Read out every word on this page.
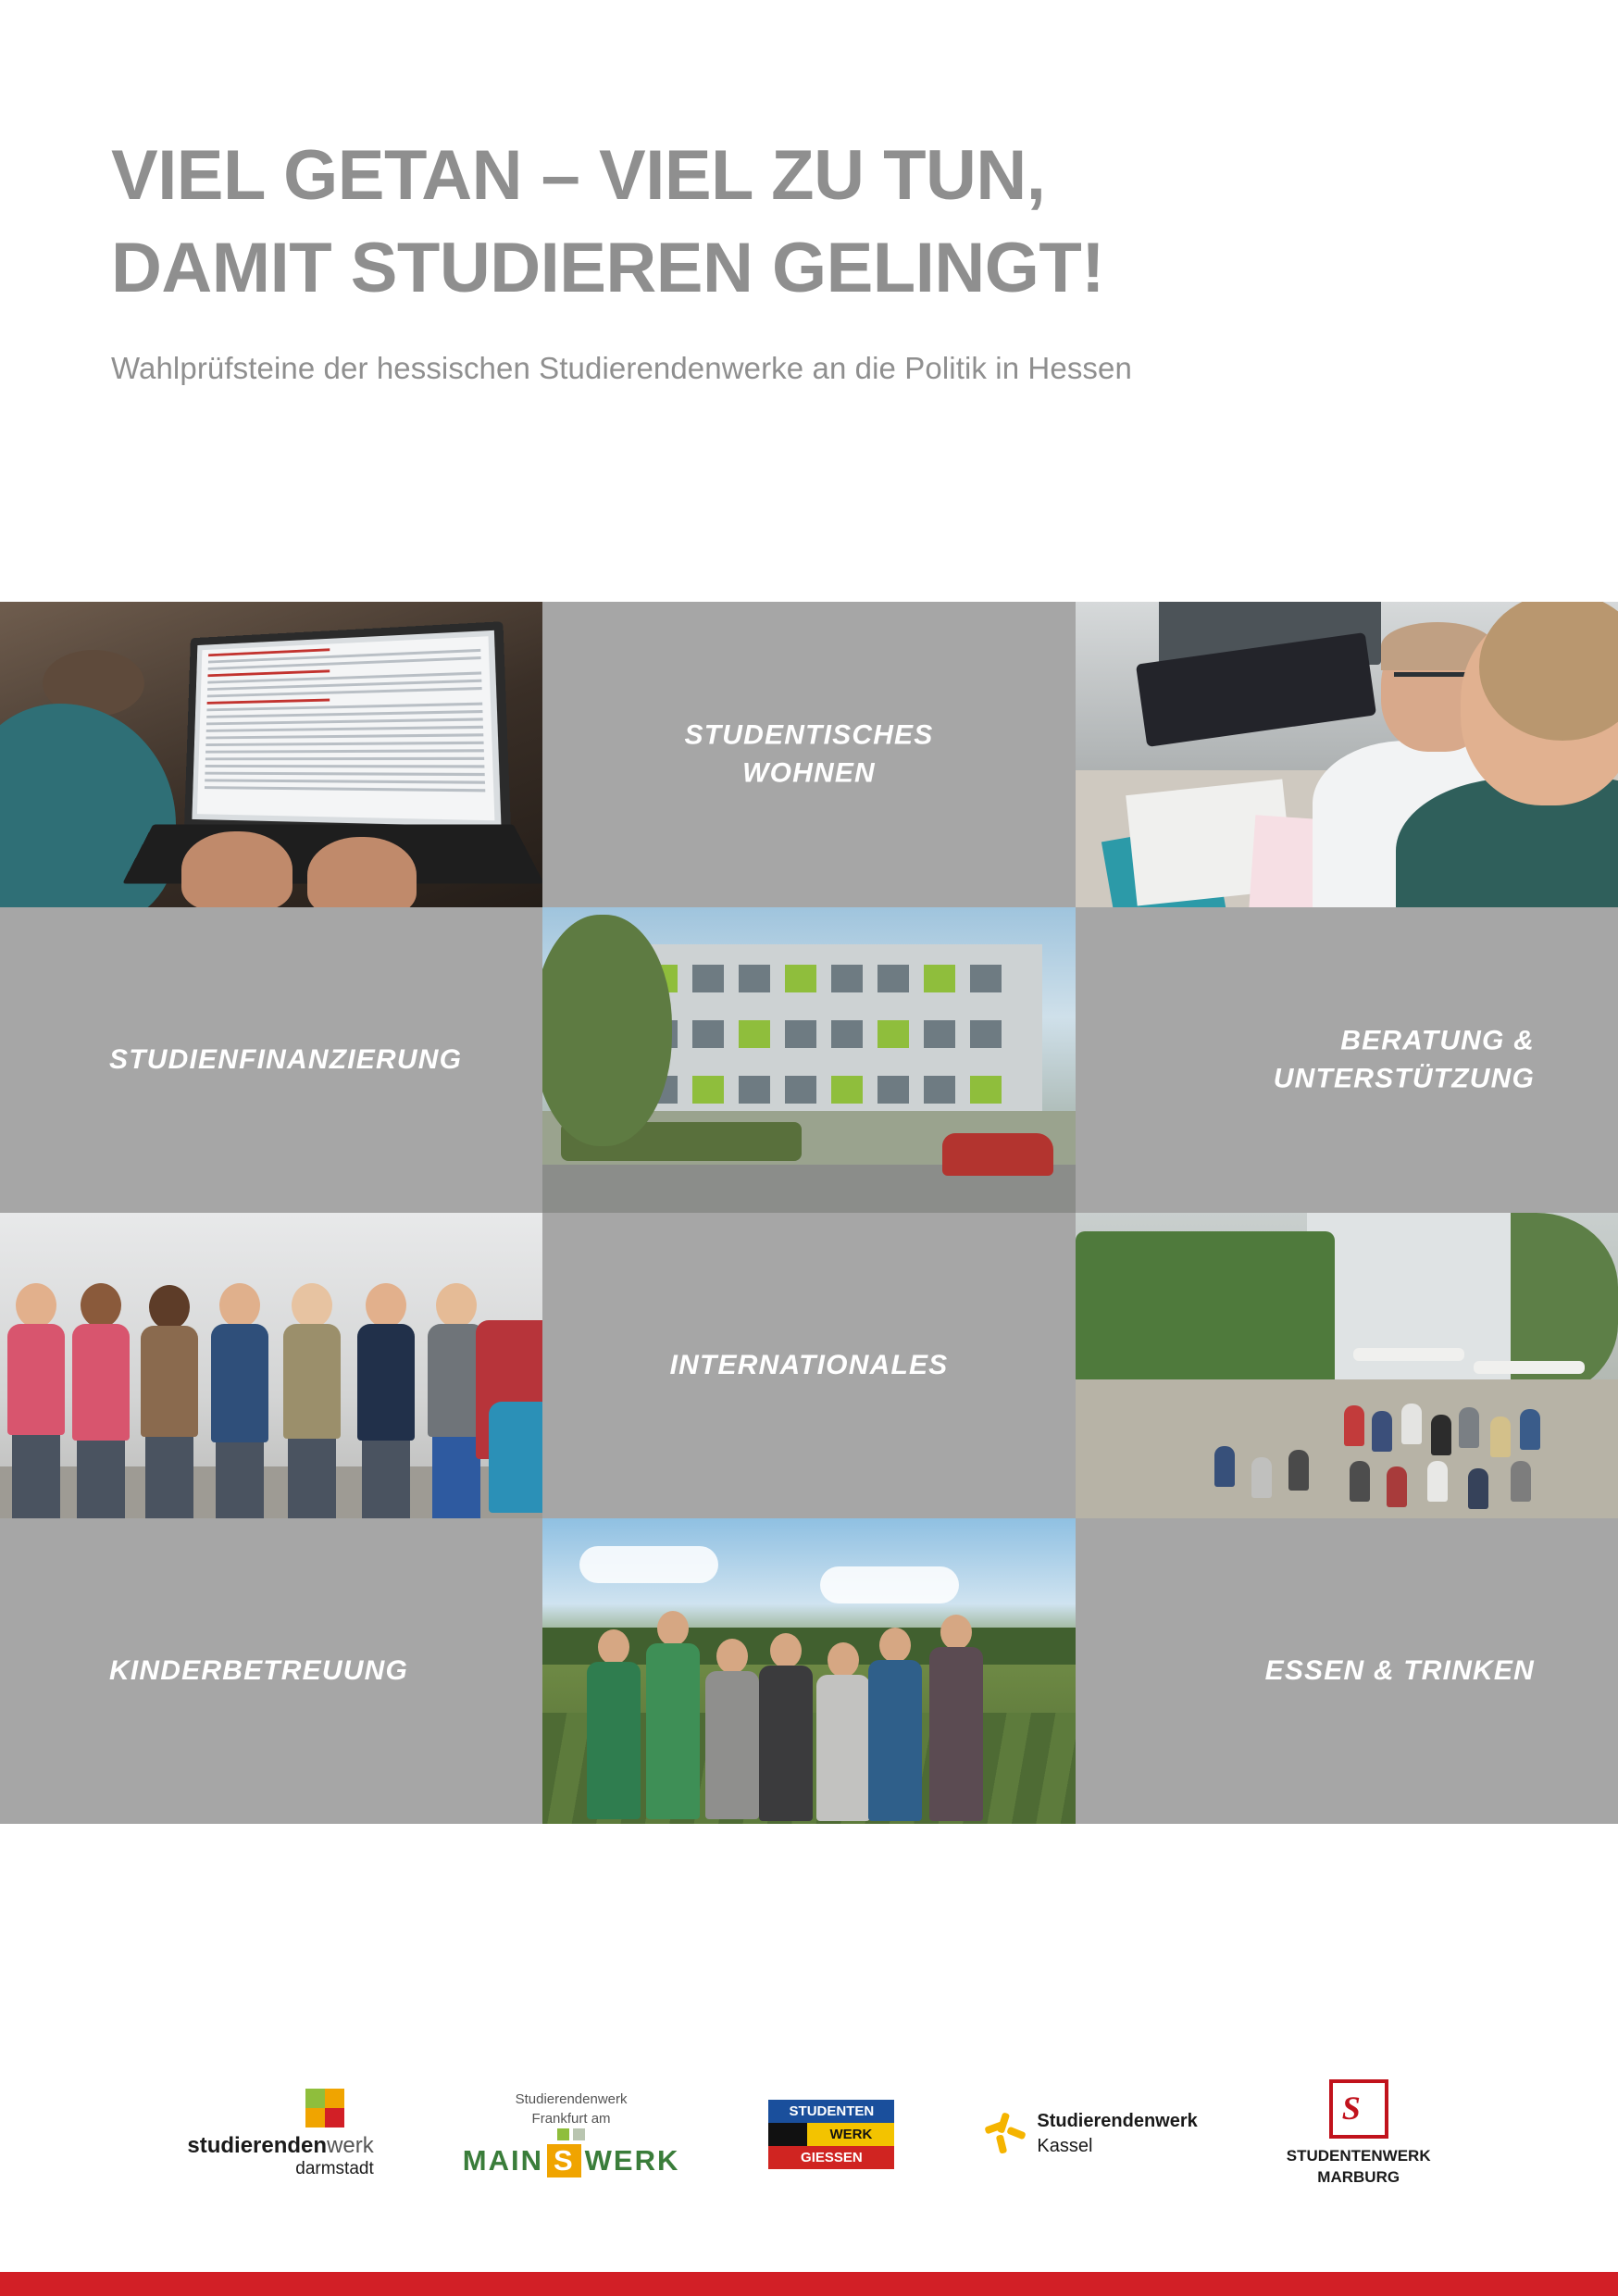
VIEL GETAN – VIEL ZU TUN,
DAMIT STUDIEREN GELINGT!

Wahlprüfsteine der hessischen Studierendenwerke an die Politik in Hessen

STUDENTISCHES
WOHNEN
STUDIENFINANZIERUNG
BERATUNG &
UNTERSTÜTZUNG
INTERNATIONALES
KINDERBETREUUNG	ESSEN & TRINKEN
studierendenwerk
darmstadt
Studierendenwerk
Frankfurt am
MAIN S WERK
STUDENTEN
WERK
GIESSEN
Studierendenwerk
Kassel
S
STUDENTENWERK
MARBURG
